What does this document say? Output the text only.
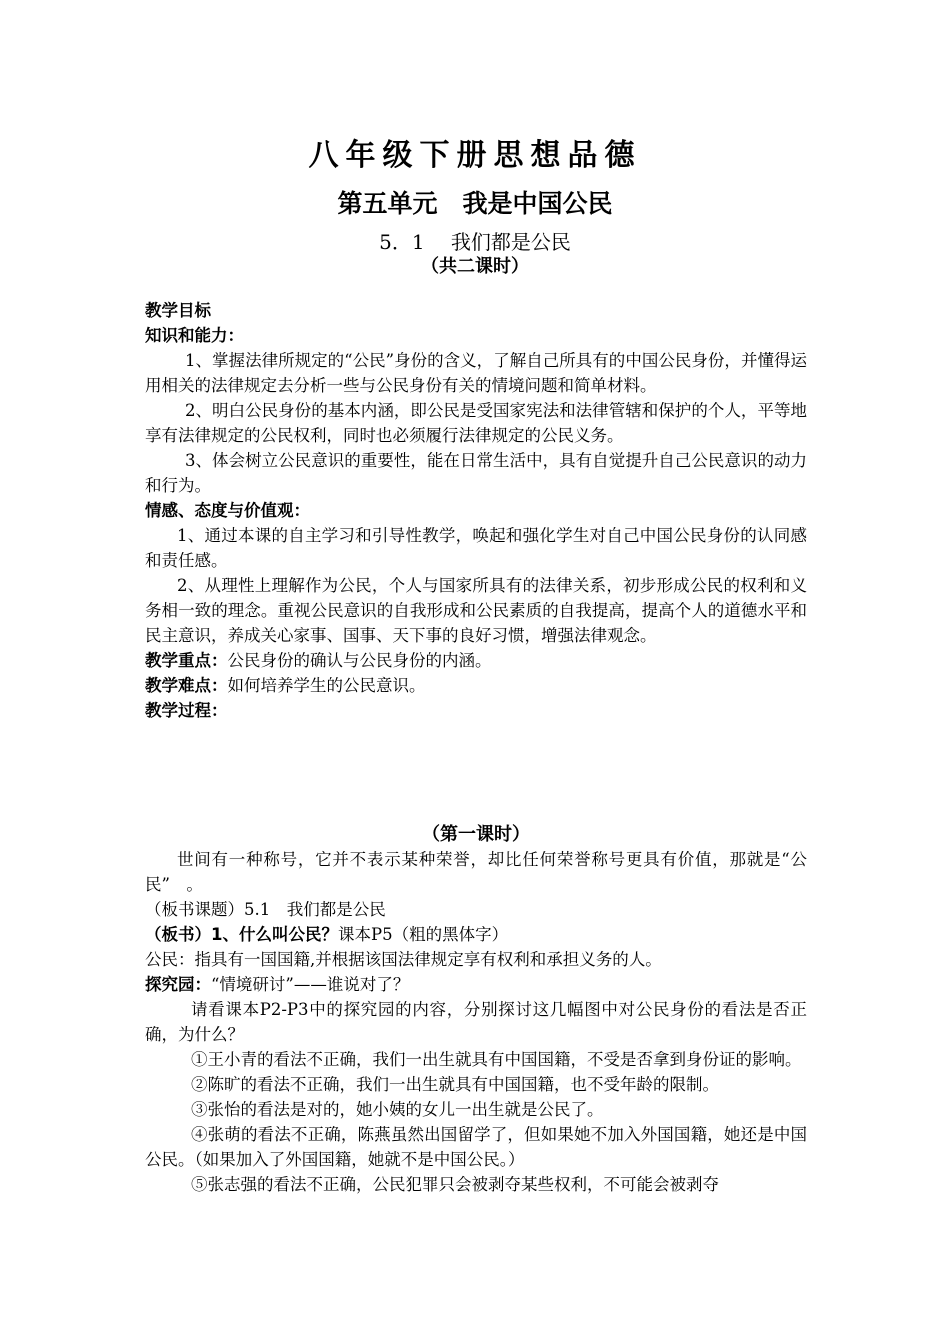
八年级下册思想品德
第五单元　我是中国公民
5．1　 我们都是公民
（共二课时）

教学目标

知识和能力：

1、掌握法律所规定的“公民”身份的含义，了解自己所具有的中国公民身份，并懂得运用相关的法律规定去分析一些与公民身份有关的情境问题和简单材料。

2、明白公民身份的基本内涵，即公民是受国家宪法和法律管辖和保护的个人，平等地享有法律规定的公民权利，同时也必须履行法律规定的公民义务。

3、体会树立公民意识的重要性，能在日常生活中，具有自觉提升自己公民意识的动力和行为。

情感、态度与价值观：

1、通过本课的自主学习和引导性教学，唤起和强化学生对自己中国公民身份的认同感和责任感。

2、从理性上理解作为公民，个人与国家所具有的法律关系，初步形成公民的权利和义务相一致的理念。重视公民意识的自我形成和公民素质的自我提高，提高个人的道德水平和民主意识，养成关心家事、国事、天下事的良好习惯，增强法律观念。

教学重点：公民身份的确认与公民身份的内涵。

教学难点：如何培养学生的公民意识。

教学过程：

（第一课时）

世间有一种称号，它并不表示某种荣誉，却比任何荣誉称号更具有价值，那就是“公民”　。

（板书课题）5.1　我们都是公民

（板书）1、什么叫公民？课本P5（粗的黑体字）

公民：指具有一国国籍,并根据该国法律规定享有权利和承担义务的人。

探究园：“情境研讨”——谁说对了？

请看课本P2-P3中的探究园的内容，分别探讨这几幅图中对公民身份的看法是否正确，为什么？

①王小青的看法不正确，我们一出生就具有中国国籍，不受是否拿到身份证的影响。

②陈旷的看法不正确，我们一出生就具有中国国籍，也不受年龄的限制。

③张怡的看法是对的，她小姨的女儿一出生就是公民了。

④张萌的看法不正确，陈燕虽然出国留学了，但如果她不加入外国国籍，她还是中国公民。（如果加入了外国国籍，她就不是中国公民。）

⑤张志强的看法不正确，公民犯罪只会被剥夺某些权利，不可能会被剥夺
